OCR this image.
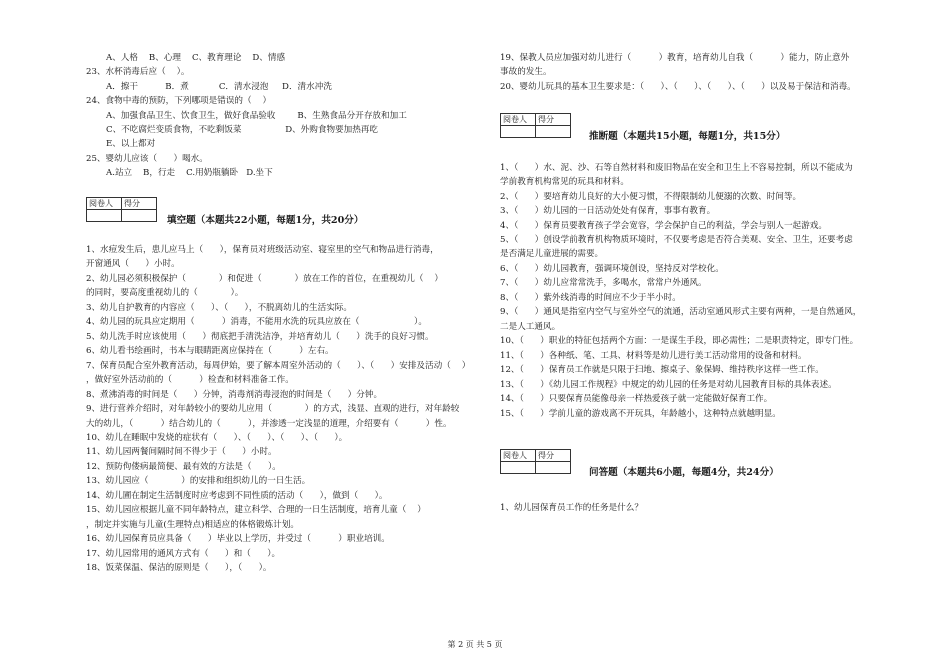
A、人格    B、心理    C、教育理论    D、情感
23、水杯消毒后应（    ）。
A．擦干          B．煮           C．清水浸泡     D．清水冲洗
24、食物中毒的预防，下列哪项是错误的（    ）
A、加强食品卫生、饮食卫生，做好食品验收        B、生熟食品分开存放和加工
C、不吃腐烂变质食物，不吃剩饭菜                D、外购食物要加热再吃
E、以上都对
25、婴幼儿应该（      ）喝水。
A.站立    B，行走    C.用奶瓶躺卧   D.坐下
阅卷人	得分

填空题（本题共22小题，每题1分，共20分）
1、水痘发生后，患儿应马上（      ），保育员对班级活动室、寝室里的空气和物品进行消毒，
开窗通风（      ）小时。
2、幼儿园必须积极保护（            ）和促进（            ）放在工作的首位，在重视幼儿（    ）
的同时，要高度重视幼儿的（            ）。
3、幼儿自护教育的内容应（      ）、（      ），不脱离幼儿的生活实际。
4、幼儿园的玩具应定期用（          ）消毒，不能用水洗的玩具应放在（                    ）。
5、幼儿洗手时应该使用（      ）彻底把手清洗洁净，并培育幼儿（      ）洗手的良好习惯。
6、幼儿看书绘画时，书本与眼睛距离应保持在（          ）左右。
7、保育员配合室外教育活动，每周伊始，要了解本周室外活动的（      ）、（      ）安排及活动（    ）
，做好室外活动前的（          ）检查和材料准备工作。
8、煮沸消毒的时间是（      ）分钟，消毒剂消毒浸泡的时间是（      ）分钟。
9、进行营养介绍时，对年龄较小的要幼儿应用（            ）的方式，浅显、直观的进行，对年龄较
大的幼儿，（          ）结合幼儿的（          ），并渗透一定浅显的道理，介绍要有（          ）性。
10、幼儿在睡眠中发烧的症状有（      ）、（      ）、（      ）、（      ）。
11、幼儿园两餐间隔时间不得少于（      ）小时。
12、预防佝偻病最简便、最有效的方法是（      ）。
13、幼儿园应（            ）的安排和组织幼儿的一日生活。
14、幼儿圃在制定生活制度时应考虑到不同性质的活动（      ），做到（      ）。
15、幼儿园应根据儿童不同年龄特点，建立科学、合理的一日生活制度，培育儿童（    ）
，制定并实施与儿童(生理特点)相适应的体格锻炼计划。
16、幼儿园保育员应具备（      ）毕业以上学历，并受过（          ）职业培训。
17、幼儿园常用的通风方式有（      ）和（      ）。
18、饭菜保温、保洁的原则是（      ），（      ）。
19、保教人员应加强对幼儿进行（          ）教育，培育幼儿自我（          ）能力，防止意外
事故的发生。
20、婴幼儿玩具的基本卫生要求是：（      ）、（      ）、（      ）、（      ）以及易于保洁和消毒。
阅卷人	得分

推断题（本题共15小题，每题1分，共15分）
1、（      ）水、泥、沙、石等自然材料和废旧物品在安全和卫生上不容易控制，所以不能成为
学前教育机构常见的玩具和材料。
2、（      ）要培育幼儿良好的大小便习惯，不得限制幼儿便溺的次数、时间等。
3、（      ）幼儿园的一日活动处处有保育，事事有教育。
4、（      ）保育员要教育孩子学会宽容，学会保护自己的利益，学会与别人一起游戏。
5、（      ）创设学前教育机构物质环境时，不仅要考虑是否符合美观、安全、卫生，还要考虑
是否满足儿童进展的需要。
6、（      ）幼儿园教育，强调环境创设，坚持反对学校化。
7、（      ）幼儿应常常洗手，多喝水，常常户外通风。
8、（      ）紫外线消毒的时间应不少于半小时。
9、（      ）通风是指室内空气与室外空气的流通，活动室通风形式主要有两种，一是自然通风，
二是人工通风。
10、（      ）职业的特征包括两个方面：一是谋生手段，即必需性；二是职责特定，即专门性。
11、（      ）各种纸、笔、工具、材料等是幼儿进行美工活动常用的设备和材料。
12、（      ）保育员工作就是只限于扫地、擦桌子、象保姆、维持秩序这样一些工作。
13、（      ）《幼儿园工作规程》中规定的幼儿园的任务是对幼儿园教育目标的具体表述。
14、（      ）只要保育员能像母亲一样热爱孩子就一定能做好保育工作。
15、（      ）学前儿童的游戏离不开玩具，年龄越小，这种特点就越明显。
阅卷人	得分

问答题（本题共6小题，每题4分，共24分）
1、幼儿园保育员工作的任务是什么？
第 2 页 共 5 页
